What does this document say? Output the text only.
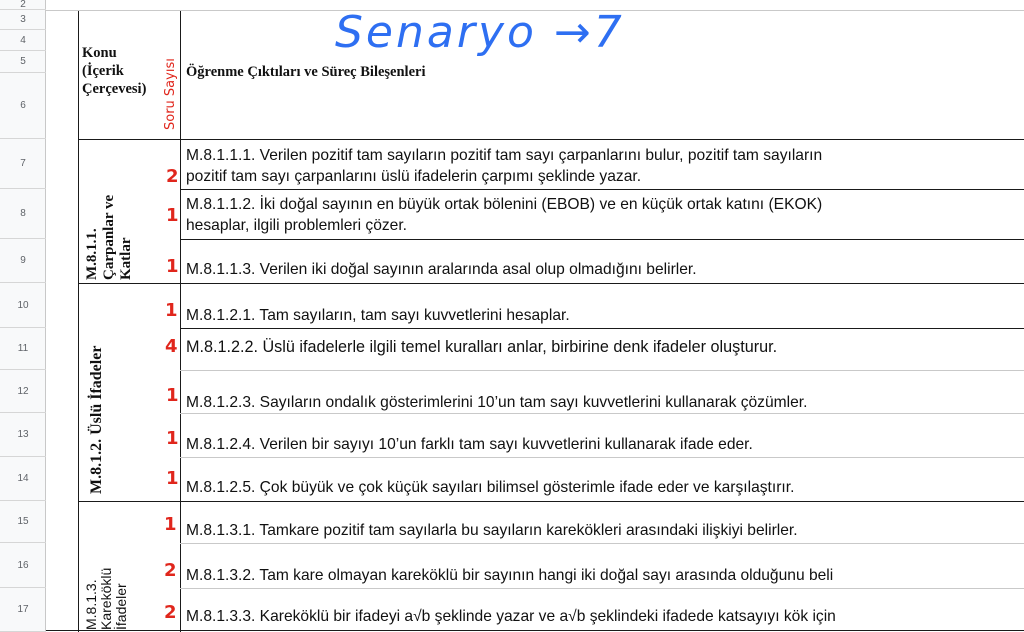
2
3
4
5
6
7
8
9
10
11
12
13
14
15
16
17
Konu
(İçerik
Çerçevesi)
Öğrenme Çıktıları ve Süreç Bileşenleri
Senaryo →7
Soru Sayısı
M.8.1.1. Çarpanlar ve Katlar
M.8.1.2. Üslü İfadeler
M.8.1.3. Kareköklü İfadeler
M.8.1.1.1. Verilen pozitif tam sayıların pozitif tam sayı çarpanlarını bulur, pozitif tam sayıların
pozitif tam sayı çarpanlarını üslü ifadelerin çarpımı şeklinde yazar.
M.8.1.1.2. İki doğal sayının en büyük ortak bölenini (EBOB) ve en küçük ortak katını (EKOK)
hesaplar, ilgili problemleri çözer.
M.8.1.1.3. Verilen iki doğal sayının aralarında asal olup olmadığını belirler.
M.8.1.2.1. Tam sayıların, tam sayı kuvvetlerini hesaplar.
M.8.1.2.2. Üslü ifadelerle ilgili temel kuralları anlar, birbirine denk ifadeler oluşturur.
M.8.1.2.3. Sayıların ondalık gösterimlerini 10’un tam sayı kuvvetlerini kullanarak çözümler.
M.8.1.2.4. Verilen bir sayıyı 10’un farklı tam sayı kuvvetlerini kullanarak ifade eder.
M.8.1.2.5. Çok büyük ve çok küçük sayıları bilimsel gösterimle ifade eder ve karşılaştırır.
M.8.1.3.1. Tamkare pozitif tam sayılarla bu sayıların karekökleri arasındaki ilişkiyi belirler.
M.8.1.3.2. Tam kare olmayan kareköklü bir sayının hangi iki doğal sayı arasında olduğunu beli
M.8.1.3.3. Kareköklü bir ifadeyi a√b şeklinde yazar ve a√b şeklindeki ifadede katsayıyı kök için
2
1
1
1
4
1
1
1
1
2
2
